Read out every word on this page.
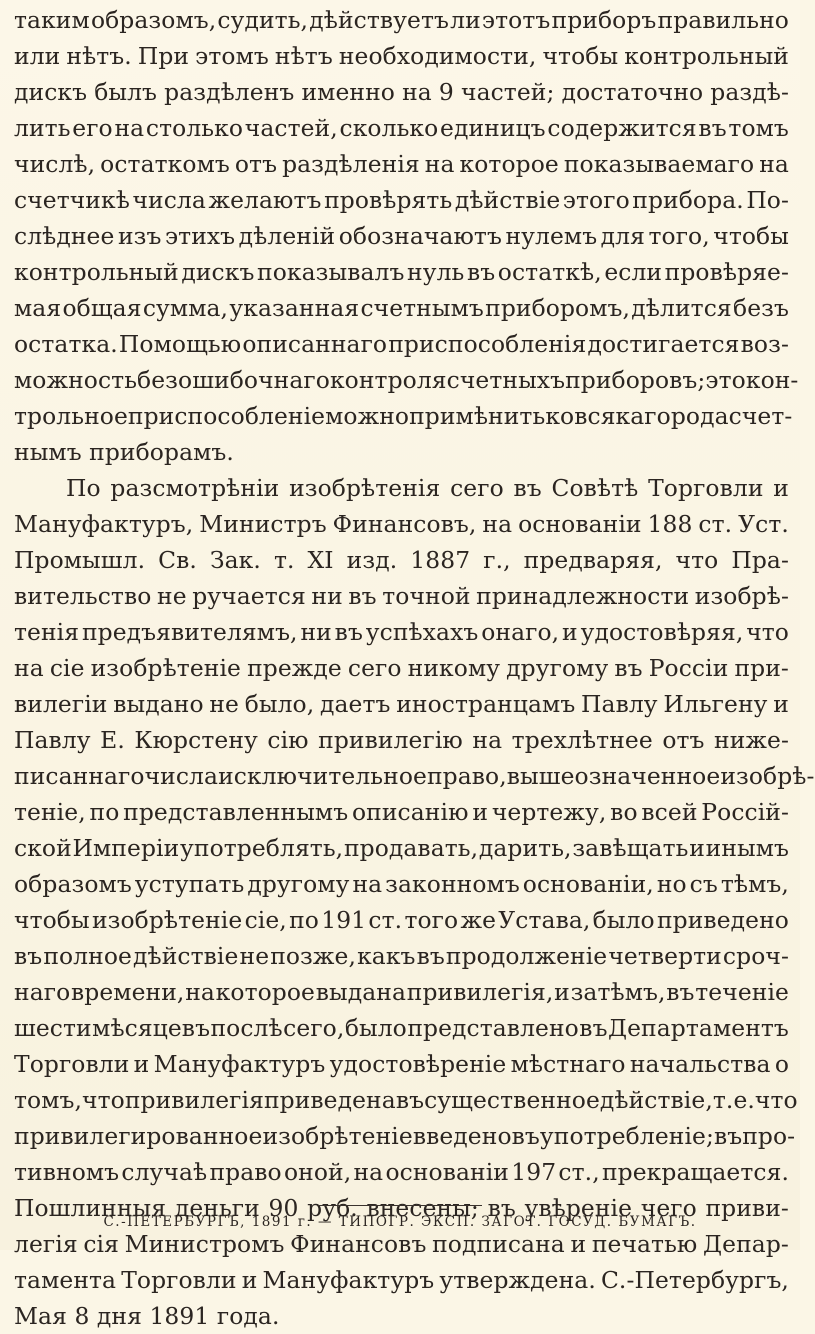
таким образомъ, судить, дѣйствуетъ ли этотъ приборъ правильно
или нѣтъ. При этомъ нѣтъ необходимости, чтобы контрольный
дискъ былъ раздѣленъ именно на 9 частей; достаточно раздѣ-
лить его на столько частей, сколько единицъ содержится въ томъ
числѣ, остаткомъ отъ раздѣленія на которое показываемаго на
счетчикѣ числа желаютъ провѣрять дѣйствіе этого прибора. По-
слѣднее изъ этихъ дѣленій обозначаютъ нулемъ для того, чтобы
контрольный дискъ показывалъ нуль въ остаткѣ, если провѣряе-
мая общая сумма, указанная счетнымъ приборомъ, дѣлится безъ
остатка. Помощью описаннаго приспособленія достигается воз-
можность безошибочнаго контроля счетныхъ приборовъ; это кон-
трольное приспособленіе можно примѣнить ко всякаго рода счет-
нымъ приборамъ.
По разсмотрѣніи изобрѣтенія сего въ Совѣтѣ Торговли и
Мануфактуръ, Министръ Финансовъ, на основаніи 188 ст. Уст.
Промышл. Св. Зак. т. XI изд. 1887 г., предваряя, что Пра-
вительство не ручается ни въ точной принадлежности изобрѣ-
тенія предъявителямъ, ни въ успѣхахъ онаго, и удостовѣряя, что
на сіе изобрѣтеніе прежде сего никому другому въ Россіи при-
вилегіи выдано не было, даетъ иностранцамъ Павлу Ильгену и
Павлу Е. Кюрстену сію привилегію на трехлѣтнее отъ ниже-
писаннаго числа исключительное право, вышеозначенное изобрѣ-
теніе, по представленнымъ описанію и чертежу, во всей Россій-
ской Имперіи употреблять, продавать, дарить, завѣщать и инымъ
образомъ уступать другому на законномъ основаніи, но съ тѣмъ,
чтобы изобрѣтеніе сіе, по 191 ст. того же Устава, было приведено
въ полное дѣйствіе не позже, какъ въ продолженіе четверти сроч-
наго времени, на которое выдана привилегія, и затѣмъ, въ теченіе
шести мѣсяцевъ послѣ сего, было представлено въ Департаментъ
Торговли и Мануфактуръ удостовѣреніе мѣстнаго начальства о
томъ, что привилегія приведена въ существенное дѣйствіе, т. е. что
привилегированное изобрѣтеніе введено въ употребленіе; въ про-
тивномъ случаѣ право оной, на основаніи 197 ст., прекращается.
Пошлинныя деньги 90 руб. внесены; въ увѣреніе чего приви-
легія сія Министромъ Финансовъ подписана и печатью Депар-
тамента Торговли и Мануфактуръ утверждена. С.-Петербургъ,
Мая 8 дня 1891 года.
С.-ПЕТЕРБУРГЪ, 1891 г. — ТИПОГР. ЭКСП. ЗАГОТ. ГОСУД. БУМАГЪ.
